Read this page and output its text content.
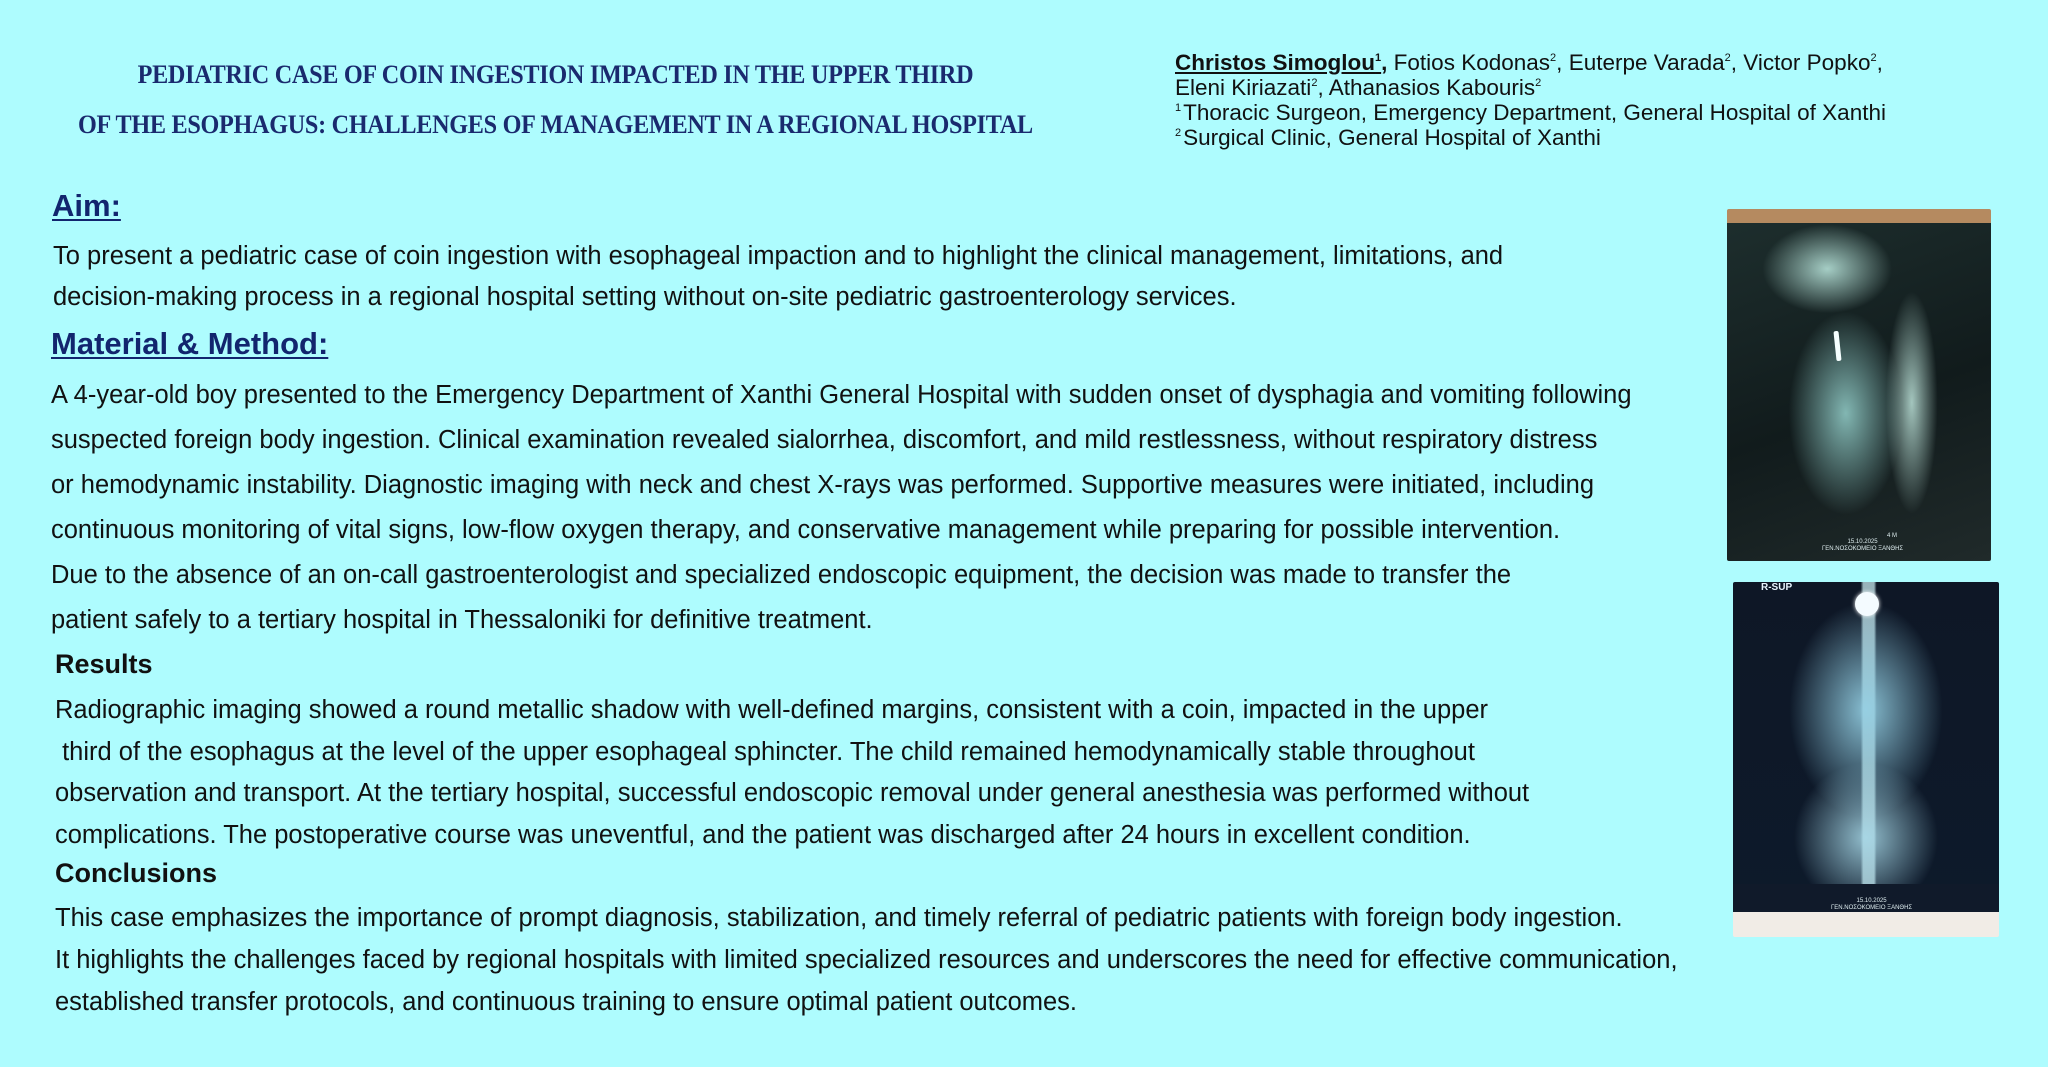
PEDIATRIC CASE OF COIN INGESTION IMPACTED IN THE UPPER THIRD
OF THE ESOPHAGUS: CHALLENGES OF MANAGEMENT IN A REGIONAL HOSPITAL
Christos Simoglou$^1$, Fotios Kodonas$^2$, Euterpe Varada$^2$, Victor Popko$^2$,
Eleni Kiriazati$^2$, Athanasios Kabouris$^2$
$^1$Thoracic Surgeon, Emergency Department, General Hospital of Xanthi
$^2$Surgical Clinic, General Hospital of Xanthi
Aim:
To present a pediatric case of coin ingestion with esophageal impaction and to highlight the clinical management, limitations, and
decision-making process in a regional hospital setting without on-site pediatric gastroenterology services.
Material & Method:
A 4-year-old boy presented to the Emergency Department of Xanthi General Hospital with sudden onset of dysphagia and vomiting following
suspected foreign body ingestion. Clinical examination revealed sialorrhea, discomfort, and mild restlessness, without respiratory distress
or hemodynamic instability. Diagnostic imaging with neck and chest X-rays was performed. Supportive measures were initiated, including
continuous monitoring of vital signs, low-flow oxygen therapy, and conservative management while preparing for possible intervention.
Due to the absence of an on-call gastroenterologist and specialized endoscopic equipment, the decision was made to transfer the
patient safely to a tertiary hospital in Thessaloniki for definitive treatment.
Results
Radiographic imaging showed a round metallic shadow with well-defined margins, consistent with a coin, impacted in the upper
third of the esophagus at the level of the upper esophageal sphincter. The child remained hemodynamically stable throughout
observation and transport. At the tertiary hospital, successful endoscopic removal under general anesthesia was performed without
complications. The postoperative course was uneventful, and the patient was discharged after 24 hours in excellent condition.
Conclusions
This case emphasizes the importance of prompt diagnosis, stabilization, and timely referral of pediatric patients with foreign body ingestion.
It highlights the challenges faced by regional hospitals with limited specialized resources and underscores the need for effective communication,
established transfer protocols, and continuous training to ensure optimal patient outcomes.
15.10.2025
ΓΕΝ.ΝΟΣΟΚΟΜΕΙΟ ΞΑΝΘΗΣ
4 M
R-SUP
15.10.2025
ΓΕΝ.ΝΟΣΟΚΟΜΕΙΟ ΞΑΝΘΗΣ
